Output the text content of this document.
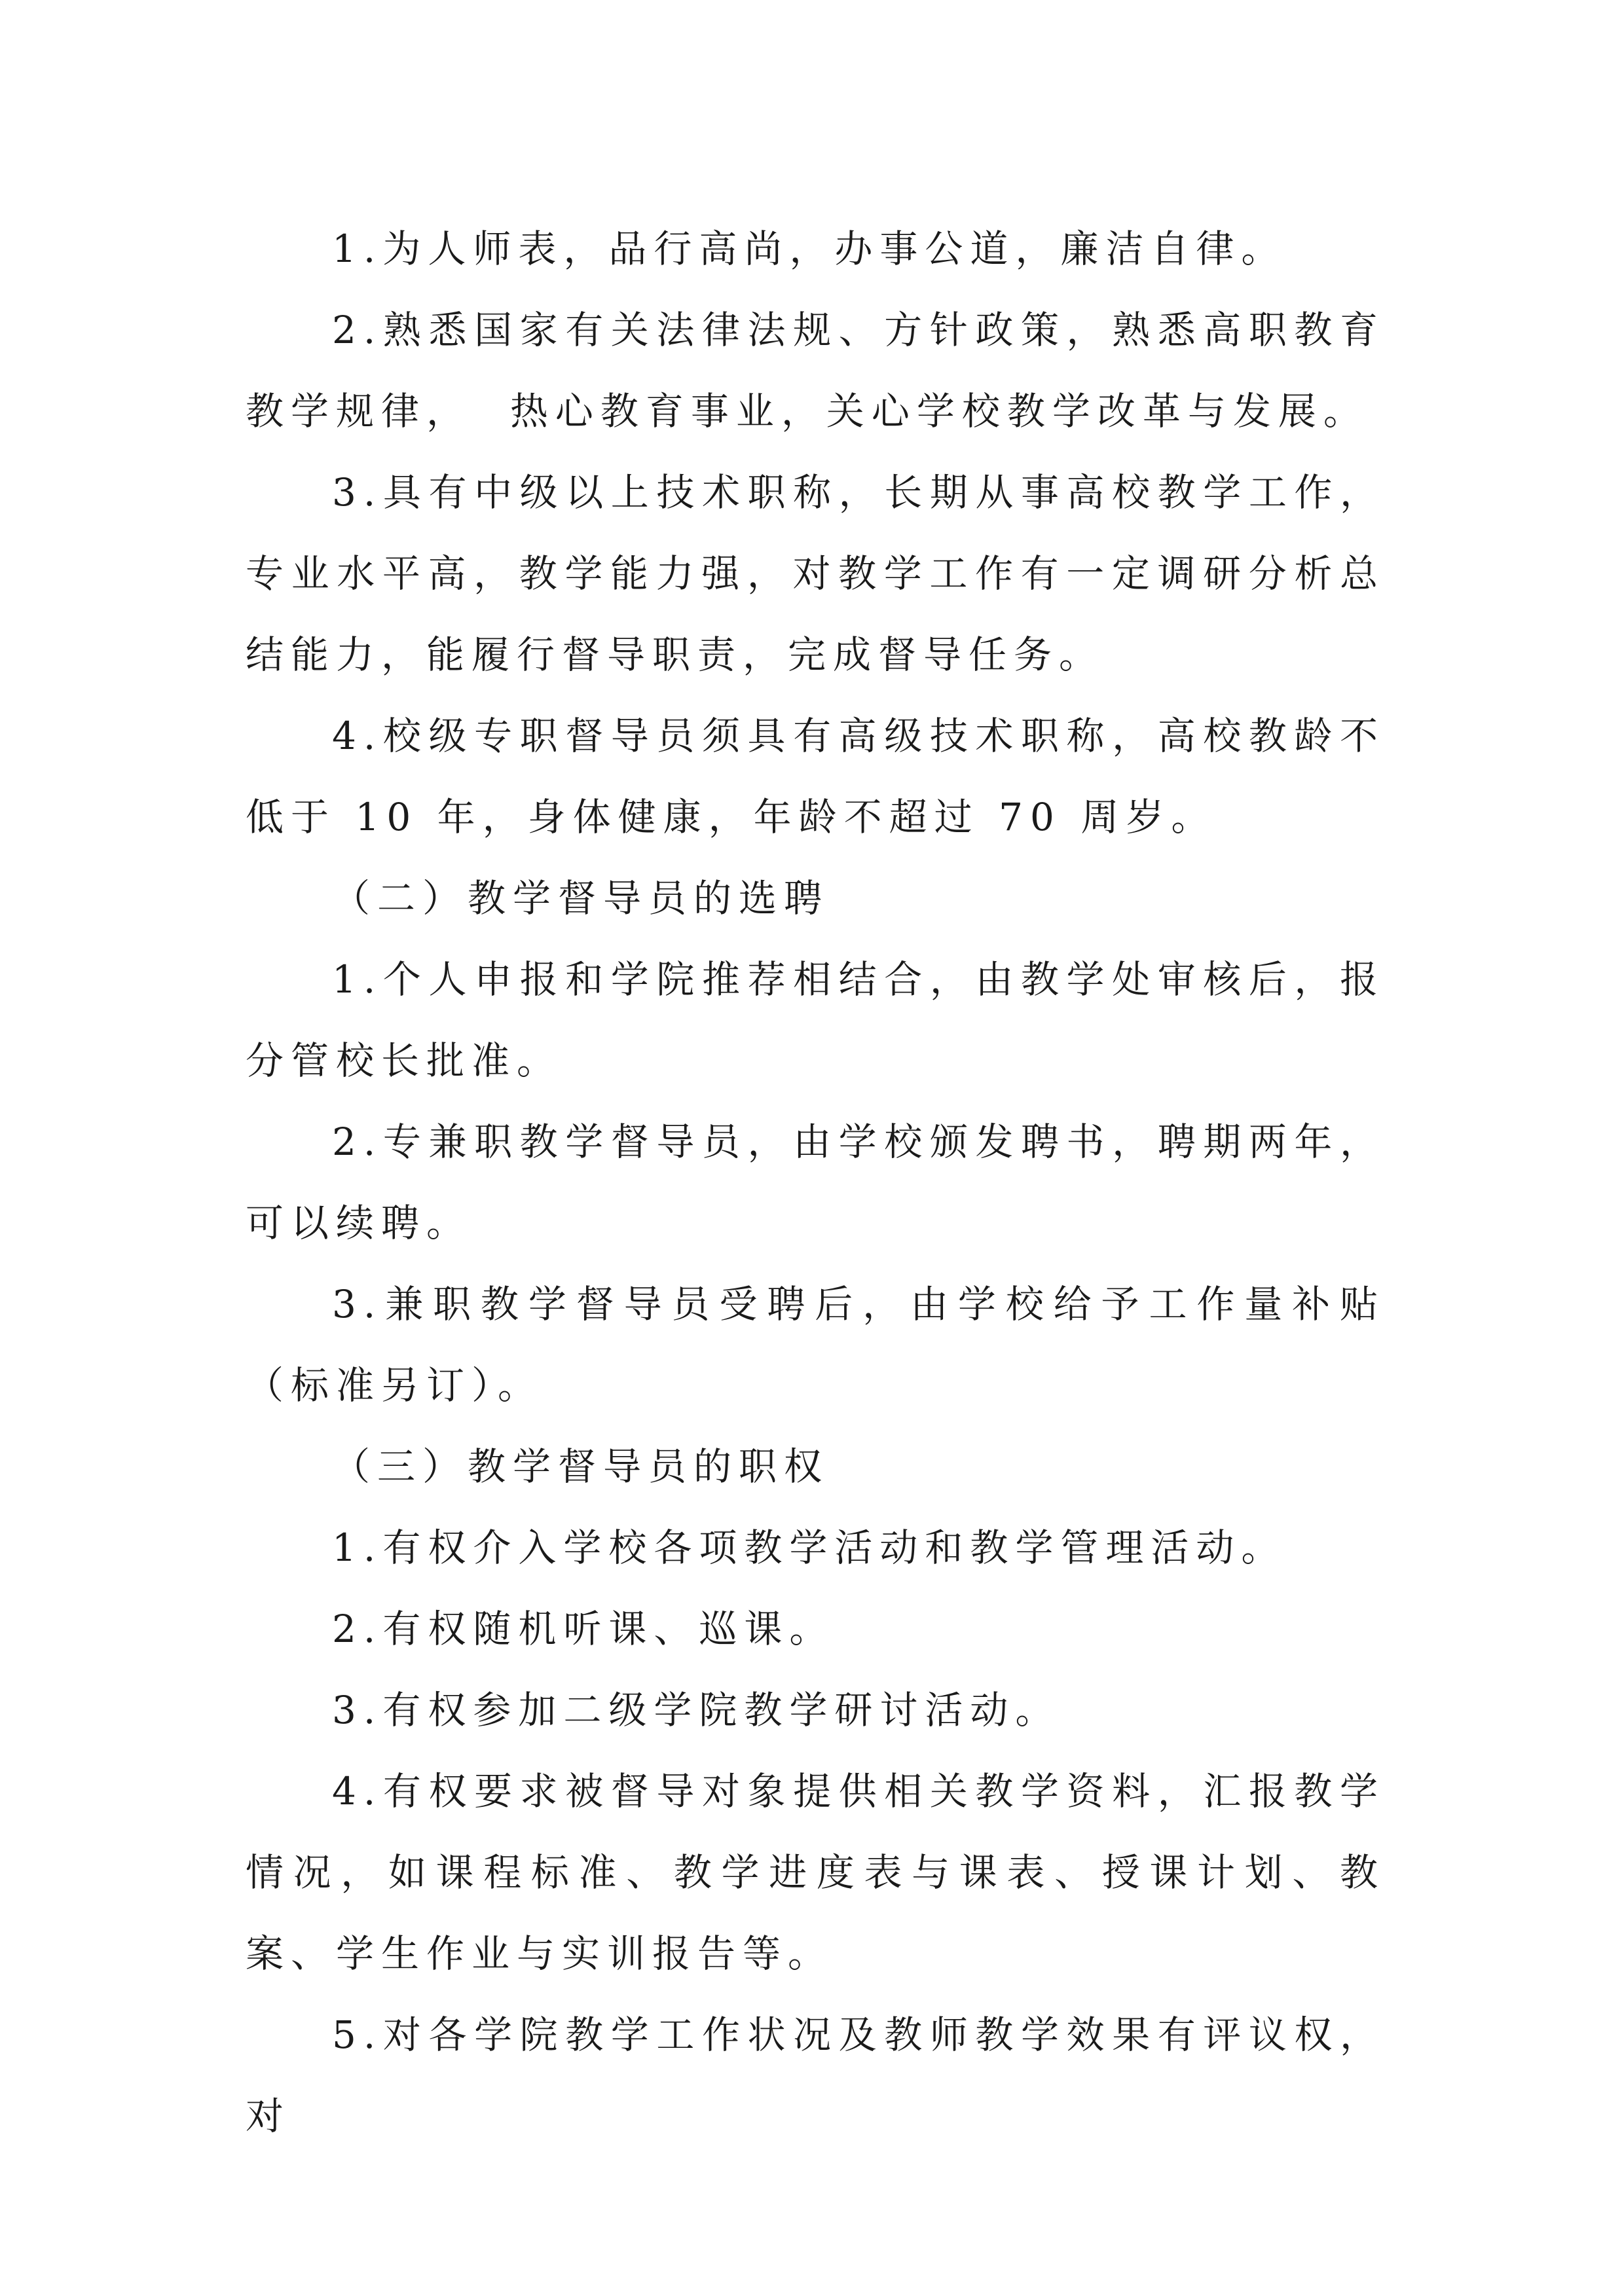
1.为人师表，品行高尚，办事公道，廉洁自律。

2.熟悉国家有关法律法规、方针政策，熟悉高职教育教学规律，  热心教育事业，关心学校教学改革与发展。

3.具有中级以上技术职称，长期从事高校教学工作，专业水平高，教学能力强，对教学工作有一定调研分析总结能力，能履行督导职责，完成督导任务。

4.校级专职督导员须具有高级技术职称，高校教龄不低于 10 年，身体健康，年龄不超过 70 周岁。

（二）教学督导员的选聘

1.个人申报和学院推荐相结合，由教学处审核后，报分管校长批准。

2.专兼职教学督导员，由学校颁发聘书，聘期两年，可以续聘。

3.兼职教学督导员受聘后，由学校给予工作量补贴（标准另订）。

（三）教学督导员的职权

1.有权介入学校各项教学活动和教学管理活动。

2.有权随机听课、巡课。

3.有权参加二级学院教学研讨活动。

4.有权要求被督导对象提供相关教学资料，汇报教学情况，如课程标准、教学进度表与课表、授课计划、教案、学生作业与实训报告等。

5.对各学院教学工作状况及教师教学效果有评议权，对
